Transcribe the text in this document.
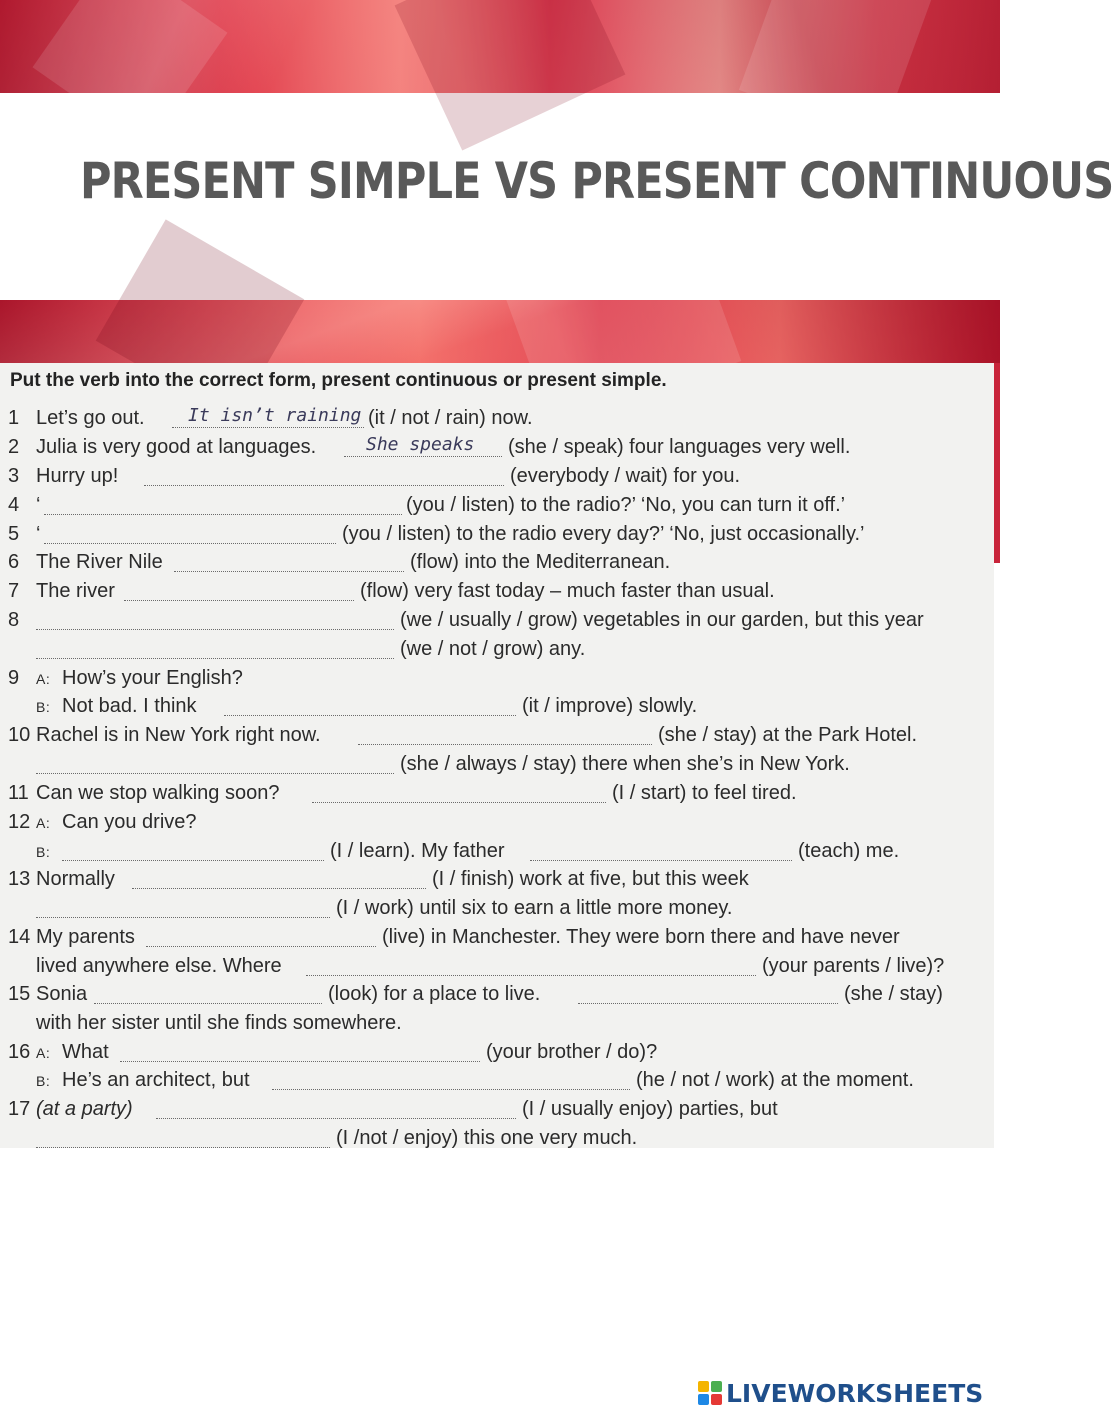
PRESENT SIMPLE VS PRESENT CONTINUOUS

Put the verb into the correct form, present continuous or present simple.

1 Let’s go out. It isn’t raining (it / not / rain) now.
2 Julia is very good at languages.	She speaks (she / speak) four languages very well.
3 Hurry up!	(everybody / wait) for you.
4 ‘	(you / listen) to the radio?’ ‘No, you can turn it off.’
5 ‘	(you / listen) to the radio every day?’ ‘No, just occasionally.’
6 The River Nile	(flow) into the Mediterranean.
7 The river	(flow) very fast today – much faster than usual.
8	(we / usually / grow) vegetables in our garden, but this year
(we / not / grow) any.
9	A: How’s your English?
B: Not bad. I think	(it / improve) slowly.
10 Rachel is in New York right now.	(she / stay) at the Park Hotel.
(she / always / stay) there when she’s in New York.
11 Can we stop walking soon?	(I / start) to feel tired.
12 A: Can you drive?
B:	(I / learn). My father	(teach) me.
13 Normally	(I / finish) work at five, but this week
(I / work) until six to earn a little more money.
14 My parents	(live) in Manchester. They were born there and have never
lived anywhere else. Where	(your parents / live)?
15 Sonia	(look) for a place to live.	(she / stay)
with her sister until she finds somewhere.
16 A: What	(your brother / do)?
B: He’s an architect, but	(he / not / work) at the moment.
17 (at a party)	(I / usually enjoy) parties, but
(I /not / enjoy) this one very much.
LIVEWORKSHEETS
